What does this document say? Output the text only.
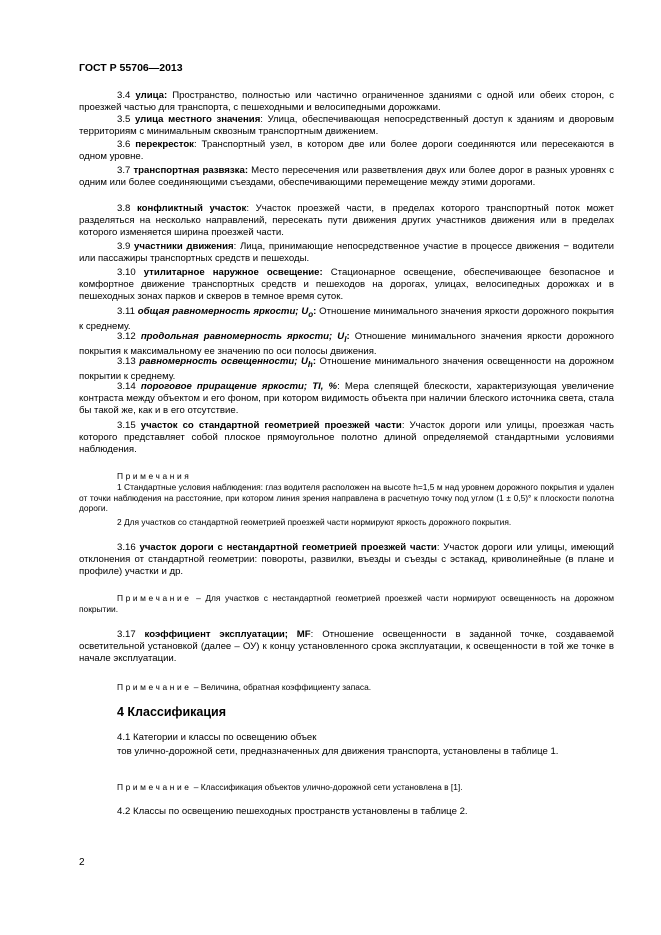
ГОСТ Р 55706—2013
3.4 улица: Пространство, полностью или частично ограниченное зданиями с одной или обеих сторон, с проезжей частью для транспорта, с пешеходными и велосипедными дорожками.
3.5 улица местного значения: Улица, обеспечивающая непосредственный доступ к зданиям и дворовым территориям с минимальным сквозным транспортным движением.
3.6 перекресток: Транспортный узел, в котором две или более дороги соединяются или пересекаются в одном уровне.
3.7 транспортная развязка: Место пересечения или разветвления двух или более дорог в разных уровнях с одним или более соединяющими съездами, обеспечивающими перемещение между этими дорогами.
3.8 конфликтный участок: Участок проезжей части, в пределах которого транспортный поток может разделяться на несколько направлений, пересекать пути движения других участников движения или в пределах которого изменяется ширина проезжей части.
3.9 участники движения: Лица, принимающие непосредственное участие в процессе движения − водители или пассажиры транспортных средств и пешеходы.
3.10 утилитарное наружное освещение: Стационарное освещение, обеспечивающее безопасное и комфортное движение транспортных средств и пешеходов на дорогах, улицах, велосипедных дорожках и в пешеходных зонах парков и скверов в темное время суток.
3.11 общая равномерность яркости; $U_o$: Отношение минимального значения яркости дорожного покрытия к среднему.
3.12 продольная равномерность яркости; $U_l$: Отношение минимального значения яркости дорожного покрытия к максимальному ее значению по оси полосы движения.
3.13 равномерность освещенности; $U_h$: Отношение минимального значения освещенности на дорожном покрытии к среднему.
3.14 пороговое приращение яркости; TI, %: Мера слепящей блескости, характеризующая увеличение контраста между объектом и его фоном, при котором видимость объекта при наличии блеского источника света, стала бы такой же, как и в его отсутствие.
3.15 участок со стандартной геометрией проезжей части: Участок дороги или улицы, проезжая часть которого представляет собой плоское прямоугольное полотно длиной определяемой стандартными условиями наблюдения.
Примечания
1 Стандартные условия наблюдения: глаз водителя расположен на высоте h=1,5 м над уровнем дорожного покрытия и удален от точки наблюдения на расстояние, при котором линия зрения направлена в расчетную точку под углом (1 ± 0,5)° к плоскости полотна дороги.
2 Для участков со стандартной геометрией проезжей части нормируют яркость дорожного покрытия.
3.16 участок дороги с нестандартной геометрией проезжей части: Участок дороги или улицы, имеющий отклонения от стандартной геометрии: повороты, развилки, въезды и съезды с эстакад, криволинейные (в плане и профиле) участки и др.
Примечание – Для участков с нестандартной геометрией проезжей части нормируют освещенность на дорожном покрытии.
3.17 коэффициент эксплуатации; MF: Отношение освещенности в заданной точке, создаваемой осветительной установкой (далее – ОУ) к концу установленного срока эксплуатации, к освещенности в той же точке в начале эксплуатации.
Примечание – Величина, обратная коэффициенту запаса.
4 Классификация
4.1 Категории и классы по освещению объек
тов улично-дорожной сети, предназначенных для движения транспорта, установлены в таблице 1.
Примечание – Классификация объектов улично-дорожной сети установлена в [1].
4.2 Классы по освещению пешеходных пространств установлены в таблице 2.
2
